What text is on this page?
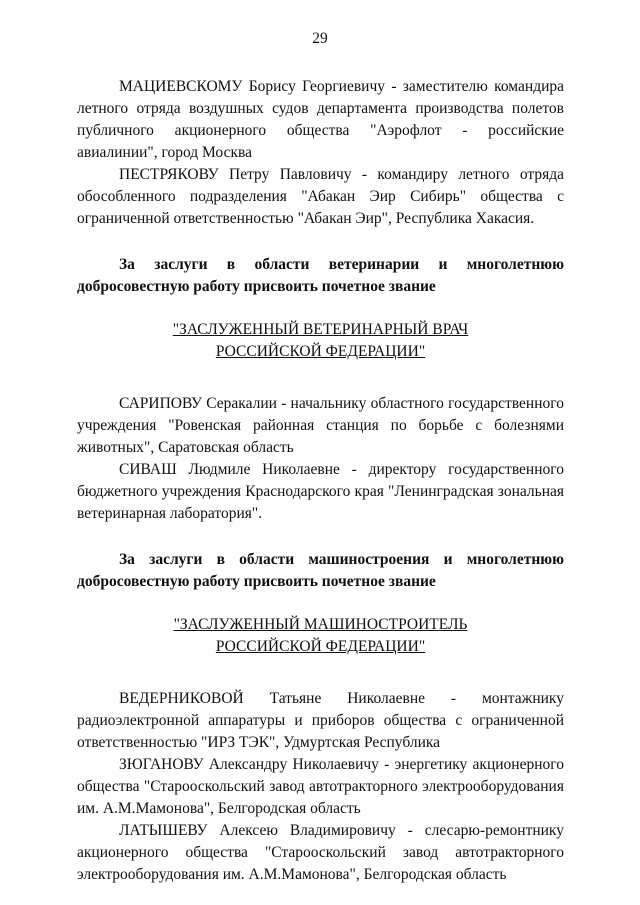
29

МАЦИЕВСКОМУ Борису Георгиевичу - заместителю командира летного отряда воздушных судов департамента производства полетов публичного акционерного общества "Аэрофлот - российские авиалинии", город Москва

ПЕСТРЯКОВУ Петру Павловичу - командиру летного отряда обособленного подразделения "Абакан Эир Сибирь" общества с ограниченной ответственностью "Абакан Эир", Республика Хакасия.

За заслуги в области ветеринарии и многолетнюю добросовестную работу присвоить почетное звание

"ЗАСЛУЖЕННЫЙ ВЕТЕРИНАРНЫЙ ВРАЧ

РОССИЙСКОЙ ФЕДЕРАЦИИ"

САРИПОВУ Серакалии - начальнику областного государственного учреждения "Ровенская районная станция по борьбе с болезнями животных", Саратовская область

СИВАШ Людмиле Николаевне - директору государственного бюджетного учреждения Краснодарского края "Ленинградская зональная ветеринарная лаборатория".

За заслуги в области машиностроения и многолетнюю добросовестную работу присвоить почетное звание

"ЗАСЛУЖЕННЫЙ МАШИНОСТРОИТЕЛЬ

РОССИЙСКОЙ ФЕДЕРАЦИИ"

ВЕДЕРНИКОВОЙ Татьяне Николаевне - монтажнику радиоэлектронной аппаратуры и приборов общества с ограниченной ответственностью "ИРЗ ТЭК", Удмуртская Республика

ЗЮГАНОВУ Александру Николаевичу - энергетику акционерного общества "Старооскольский завод автотракторного электрооборудования им. А.М.Мамонова", Белгородская область

ЛАТЫШЕВУ Алексею Владимировичу - слесарю-ремонтнику акционерного общества "Старооскольский завод автотракторного электрооборудования им. А.М.Мамонова", Белгородская область
